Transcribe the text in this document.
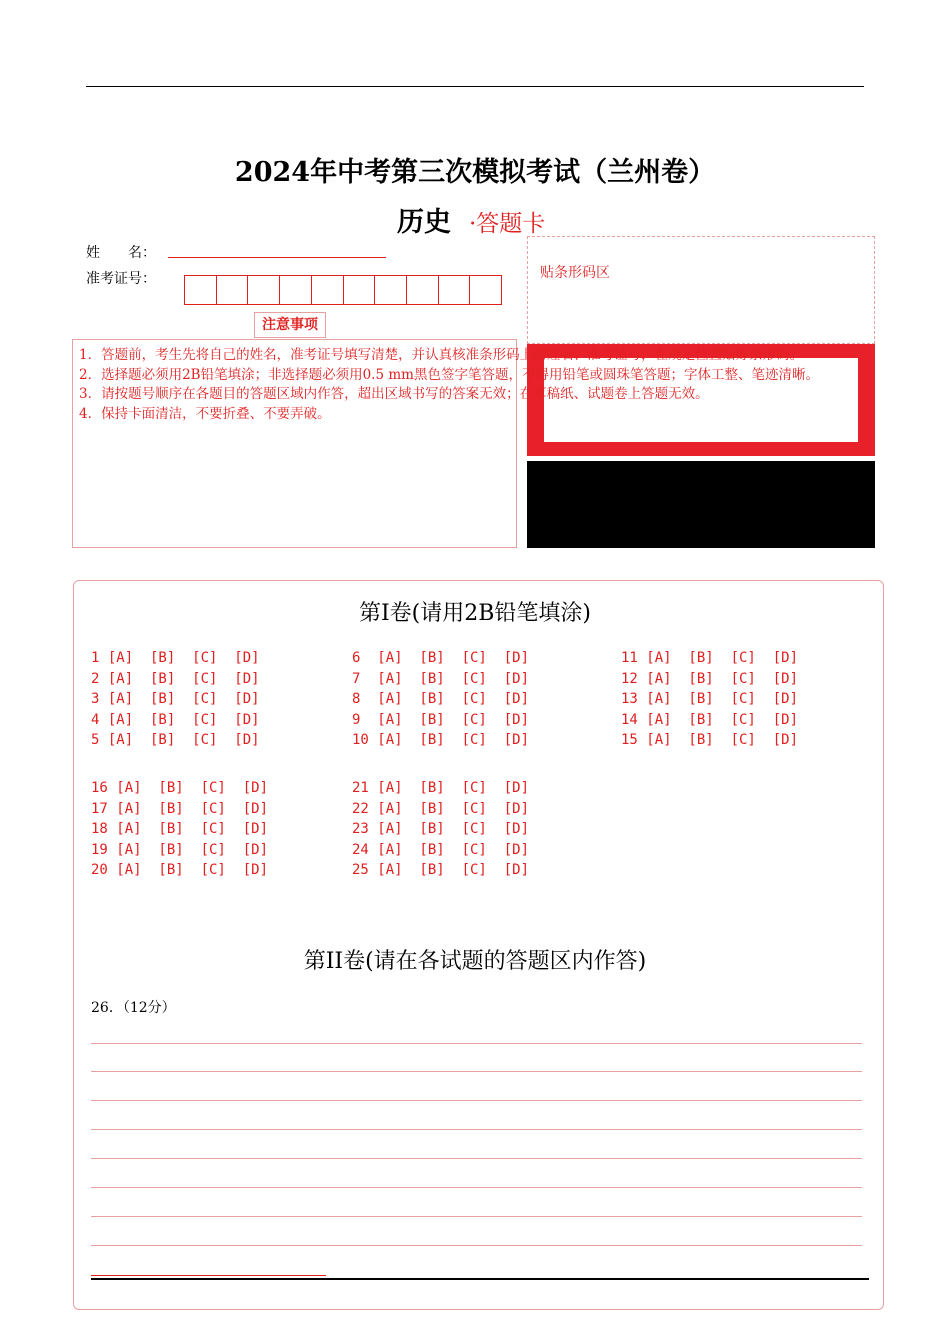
2024年中考第三次模拟考试（兰州卷）
历史 ·答题卡
姓　　名：
准考证号：
注意事项
贴条形码区
1．答题前，考生先将自己的姓名，准考证号填写清楚，并认真核准条形码上的姓名、准考证号，在规定位置贴好条形码。
2．选择题必须用2B铅笔填涂；非选择题必须用0.5 mm黑色签字笔答题，不得用铅笔或圆珠笔答题；字体工整、笔迹清晰。
3．请按题号顺序在各题目的答题区域内作答，超出区域书写的答案无效；在草稿纸、试题卷上答题无效。
4．保持卡面清洁，不要折叠、不要弄破。
第I卷(请用2B铅笔填涂)
1 [A]  [B]  [C]  [D]
2 [A]  [B]  [C]  [D]
3 [A]  [B]  [C]  [D]
4 [A]  [B]  [C]  [D]
5 [A]  [B]  [C]  [D]
6  [A]  [B]  [C]  [D]
7  [A]  [B]  [C]  [D]
8  [A]  [B]  [C]  [D]
9  [A]  [B]  [C]  [D]
10 [A]  [B]  [C]  [D]
11 [A]  [B]  [C]  [D]
12 [A]  [B]  [C]  [D]
13 [A]  [B]  [C]  [D]
14 [A]  [B]  [C]  [D]
15 [A]  [B]  [C]  [D]
16 [A]  [B]  [C]  [D]
17 [A]  [B]  [C]  [D]
18 [A]  [B]  [C]  [D]
19 [A]  [B]  [C]  [D]
20 [A]  [B]  [C]  [D]
21 [A]  [B]  [C]  [D]
22 [A]  [B]  [C]  [D]
23 [A]  [B]  [C]  [D]
24 [A]  [B]  [C]  [D]
25 [A]  [B]  [C]  [D]
第II卷(请在各试题的答题区内作答)
26．（12分）
